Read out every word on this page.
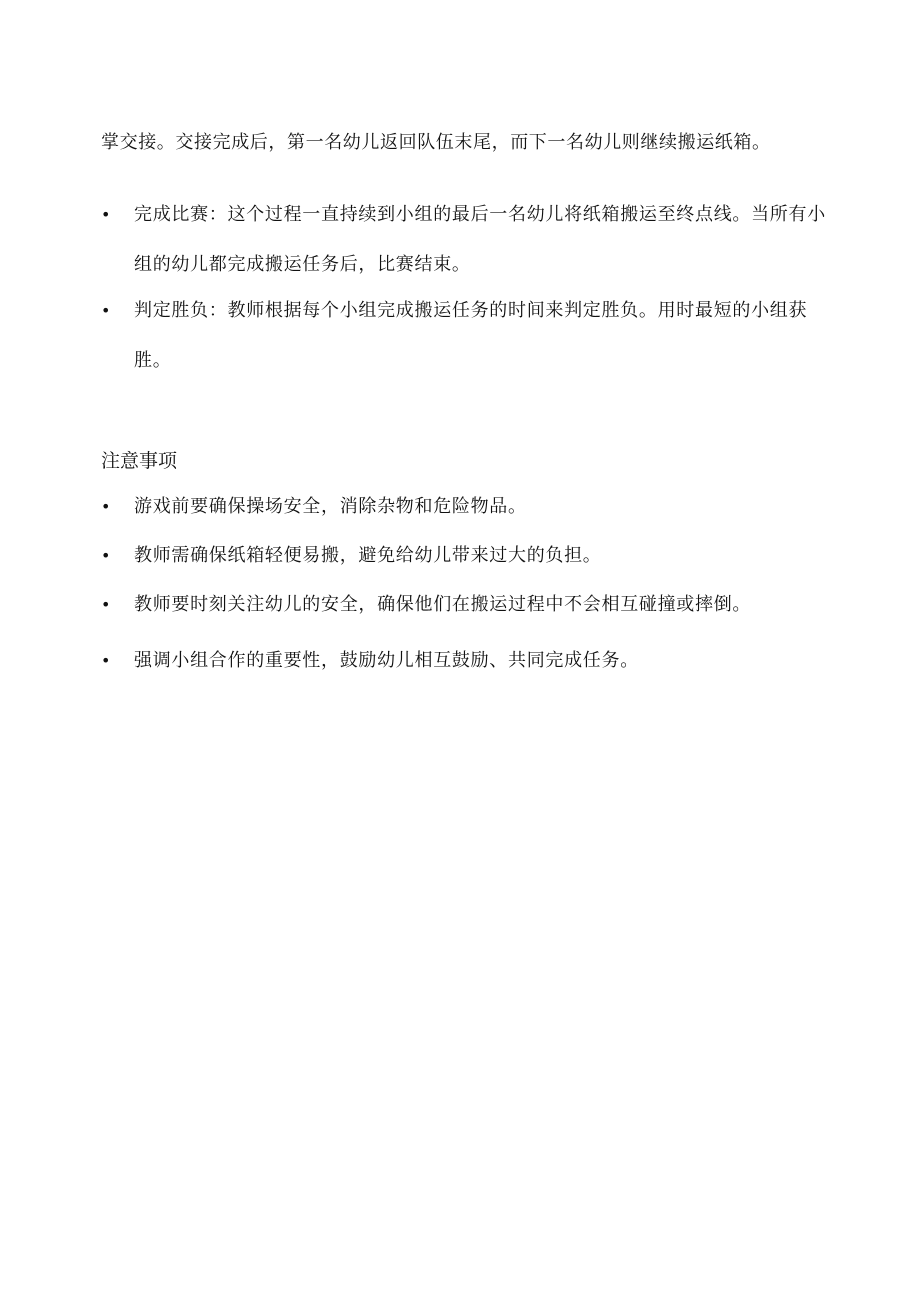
掌交接。交接完成后，第一名幼儿返回队伍末尾，而下一名幼儿则继续搬运纸箱。
• 完成比赛：这个过程一直持续到小组的最后一名幼儿将纸箱搬运至终点线。当所有小组的幼儿都完成搬运任务后，比赛结束。
• 判定胜负：教师根据每个小组完成搬运任务的时间来判定胜负。用时最短的小组获胜。
注意事项
• 游戏前要确保操场安全，消除杂物和危险物品。
• 教师需确保纸箱轻便易搬，避免给幼儿带来过大的负担。
• 教师要时刻关注幼儿的安全，确保他们在搬运过程中不会相互碰撞或摔倒。
• 强调小组合作的重要性，鼓励幼儿相互鼓励、共同完成任务。
